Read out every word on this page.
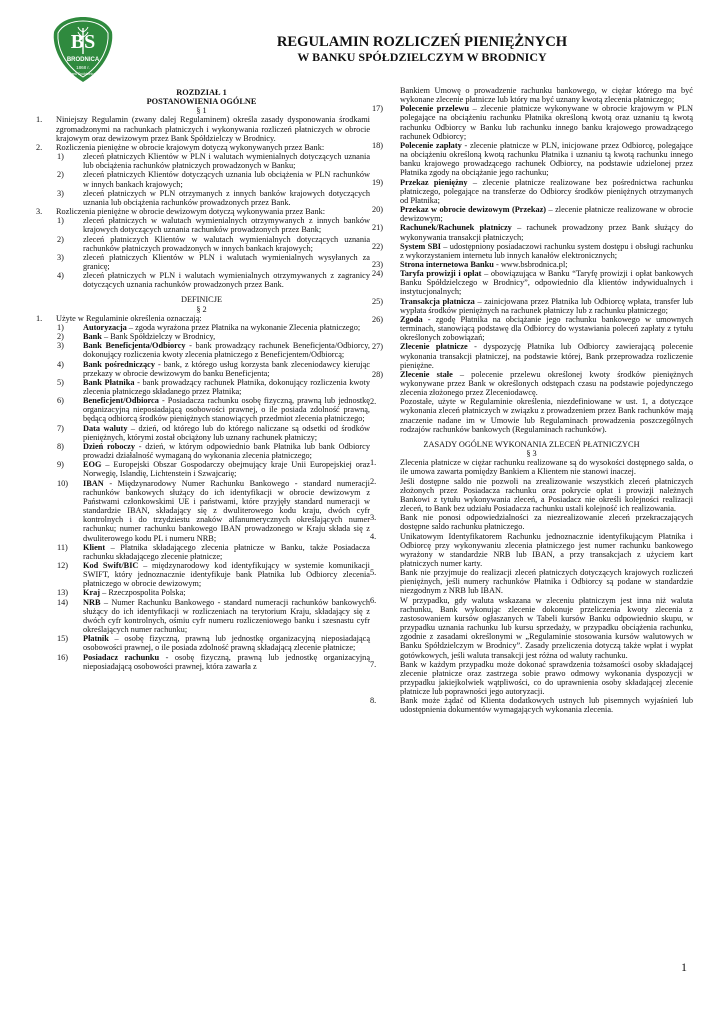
BS
BRODNICA
1868 r.
Bank Spółdzielczy
REGULAMIN ROZLICZEŃ PIENIĘŻNYCH
W BANKU SPÓŁDZIELCZYM W BRODNICY
ROZDZIAŁ 1
POSTANOWIENIA OGÓLNE
§ 1
1.	Niniejszy Regulamin (zwany dalej Regulaminem) określa zasady dysponowania środkami zgromadzonymi na rachunkach płatniczych i wykonywania rozliczeń płatniczych w obrocie krajowym oraz dewizowym przez Bank Spółdzielczy w Brodnicy.
2.	Rozliczenia pieniężne w obrocie krajowym dotyczą wykonywanych przez Bank:
1)	zleceń płatniczych Klientów w PLN i walutach wymienialnych dotyczących uznania lub obciążenia rachunków płatniczych prowadzonych w Banku;
2)	zleceń płatniczych Klientów dotyczących uznania lub obciążenia w PLN rachunków w innych bankach krajowych;
3)	zleceń płatniczych w PLN otrzymanych z innych banków krajowych dotyczących uznania lub obciążenia rachunków prowadzonych przez Bank.
3.	Rozliczenia pieniężne w obrocie dewizowym dotyczą wykonywania przez Bank:
1)	zleceń płatniczych w walutach wymienialnych otrzymywanych z innych banków krajowych dotyczących uznania rachunków prowadzonych przez Bank;
2)	zleceń płatniczych Klientów w walutach wymienialnych dotyczących uznania rachunków płatniczych prowadzonych w innych bankach krajowych;
3)	zleceń płatniczych Klientów w PLN i walutach wymienialnych wysyłanych za granicę;
4)	zleceń płatniczych w PLN i walutach wymienialnych otrzymywanych z zagranicy dotyczących uznania rachunków prowadzonych przez Bank.
DEFINICJE
§ 2
1.	Użyte w Regulaminie określenia oznaczają:
1)	Autoryzacja – zgoda wyrażona przez Płatnika na wykonanie Zlecenia płatniczego;
2)	Bank – Bank Spółdzielczy w Brodnicy,
3)	Bank Beneficjenta/Odbiorcy - bank prowadzący rachunek Beneficjenta/Odbiorcy, dokonujący rozliczenia kwoty zlecenia płatniczego z Beneficjentem/Odbiorcą;
4)	Bank pośredniczący - bank, z którego usług korzysta bank zleceniodawcy kierując przekazy w obrocie dewizowym do banku Beneficjenta;
5)	Bank Płatnika - bank prowadzący rachunek Płatnika, dokonujący rozliczenia kwoty zlecenia płatniczego składanego przez Płatnika;
6)	Beneficjent/Odbiorca - Posiadacza rachunku osobę fizyczną, prawną lub jednostkę organizacyjną nieposiadającą osobowości prawnej, o ile posiada zdolność prawną, będącą odbiorcą środków pieniężnych stanowiących przedmiot zlecenia płatniczego;
7)	Data waluty – dzień, od którego lub do którego naliczane są odsetki od środków pieniężnych, którymi został obciążony lub uznany rachunek płatniczy;
8)	Dzień roboczy - dzień, w którym odpowiednio bank Płatnika lub bank Odbiorcy prowadzi działalność wymaganą do wykonania zlecenia płatniczego;
9)	EOG – Europejski Obszar Gospodarczy obejmujący kraje Unii Europejskiej oraz Norwegię, Islandię, Lichtenstein i Szwajcarię;
10)	IBAN - Międzynarodowy Numer Rachunku Bankowego - standard numeracji rachunków bankowych służący do ich identyfikacji w obrocie dewizowym z Państwami członkowskimi UE i państwami, które przyjęły standard numeracji w standardzie IBAN, składający się z dwuliterowego kodu kraju, dwóch cyfr kontrolnych i do trzydziestu znaków alfanumerycznych określających numer rachunku; numer rachunku bankowego IBAN prowadzonego w Kraju składa się z dwuliterowego kodu PL i numeru NRB;
11)	Klient – Płatnika składającego zlecenia płatnicze w Banku, także Posiadacza rachunku składającego zlecenie płatnicze;
12)	Kod Swift/BIC – międzynarodowy kod identyfikujący w systemie komunikacji SWIFT, który jednoznacznie identyfikuje bank Płatnika lub Odbiorcy zlecenia płatniczego w obrocie dewizowym;
13)	Kraj – Rzeczpospolita Polska;
14)	NRB – Numer Rachunku Bankowego - standard numeracji rachunków bankowych służący do ich identyfikacji w rozliczeniach na terytorium Kraju, składający się z dwóch cyfr kontrolnych, ośmiu cyfr numeru rozliczeniowego banku i szesnastu cyfr określających numer rachunku;
15)	Płatnik – osobę fizyczną, prawną lub jednostkę organizacyjną nieposiadającą osobowości prawnej, o ile posiada zdolność prawną składającą zlecenie płatnicze;
16)	Posiadacz rachunku - osobę fizyczną, prawną lub jednostkę organizacyjną nieposiadającą osobowości prawnej, która zawarła z
Bankiem Umowę o prowadzenie rachunku bankowego, w ciężar którego ma być wykonane zlecenie płatnicze lub który ma być uznany kwotą zlecenia płatniczego;
17)	Polecenie przelewu – zlecenie płatnicze wykonywane w obrocie krajowym w PLN polegające na obciążeniu rachunku Płatnika określoną kwotą oraz uznaniu tą kwotą rachunku Odbiorcy w Banku lub rachunku innego banku krajowego prowadzącego rachunek Odbiorcy;
18)	Polecenie zapłaty - zlecenie płatnicze w PLN, inicjowane przez Odbiorcę, polegające na obciążeniu określoną kwotą rachunku Płatnika i uznaniu tą kwotą rachunku innego banku krajowego prowadzącego rachunek Odbiorcy, na podstawie udzielonej przez Płatnika zgody na obciążanie jego rachunku;
19)	Przekaz pieniężny – zlecenie płatnicze realizowane bez pośrednictwa rachunku płatniczego, polegające na transferze do Odbiorcy środków pieniężnych otrzymanych od Płatnika;
20)	Przekaz w obrocie dewizowym (Przekaz) – zlecenie płatnicze realizowane w obrocie dewizowym;
21)	Rachunek/Rachunek płatniczy – rachunek prowadzony przez Bank służący do wykonywania transakcji płatniczych;
22)	System SBI – udostępniony posiadaczowi rachunku system dostępu i obsługi rachunku z wykorzystaniem internetu lub innych kanałów elektronicznych;
23)	Strona internetowa Banku - www.bsbrodnica.pl;
24)	Taryfa prowizji i opłat – obowiązująca w Banku “Taryfę prowizji i opłat bankowych Banku Spółdzielczego w Brodnicy”, odpowiednio dla klientów indywidualnych i instytucjonalnych;
25)	Transakcja płatnicza – zainicjowana przez Płatnika lub Odbiorcę wpłata, transfer lub wypłata środków pieniężnych na rachunek płatniczy lub z rachunku płatniczego;
26)	Zgoda - zgodę Płatnika na obciążanie jego rachunku bankowego w umownych terminach, stanowiącą podstawę dla Odbiorcy do wystawiania poleceń zapłaty z tytułu określonych zobowiązań;
27)	Zlecenie płatnicze - dyspozycję Płatnika lub Odbiorcy zawierającą polecenie wykonania transakcji płatniczej, na podstawie której, Bank przeprowadza rozliczenie pieniężne.
28)	Zlecenie stałe – polecenie przelewu określonej kwoty środków pieniężnych wykonywane przez Bank w określonych odstępach czasu na podstawie pojedynczego zlecenia złożonego przez Zleceniodawcę.
2.	Pozostałe, użyte w Regulaminie określenia, niezdefiniowane w ust. 1, a dotyczące wykonania zleceń płatniczych w związku z prowadzeniem przez Bank rachunków mają znaczenie nadane im w Umowie lub Regulaminach prowadzenia poszczególnych rodzajów rachunków bankowych (Regulaminach rachunków).
ZASADY OGÓLNE WYKONANIA ZLECEŃ PŁATNICZYCH
§ 3
1.	Zlecenia płatnicze w ciężar rachunku realizowane są do wysokości dostępnego salda, o ile umowa zawarta pomiędzy Bankiem a Klientem nie stanowi inaczej.
2.	Jeśli dostępne saldo nie pozwoli na zrealizowanie wszystkich zleceń płatniczych złożonych przez Posiadacza rachunku oraz pokrycie opłat i prowizji należnych Bankowi z tytułu wykonywania zleceń, a Posiadacz nie określi kolejności realizacji zleceń, to Bank bez udziału Posiadacza rachunku ustali kolejność ich realizowania.
3.	Bank nie ponosi odpowiedzialności za niezrealizowanie zleceń przekraczających dostępne saldo rachunku płatniczego.
4.	Unikatowym Identyfikatorem Rachunku jednoznacznie identyfikującym Płatnika i Odbiorcę przy wykonywaniu zlecenia płatniczego jest numer rachunku bankowego wyrażony w standardzie NRB lub IBAN, a przy transakcjach z użyciem kart płatniczych numer karty.
5.	Bank nie przyjmuje do realizacji zleceń płatniczych dotyczących krajowych rozliczeń pieniężnych, jeśli numery rachunków Płatnika i Odbiorcy są podane w standardzie niezgodnym z NRB lub IBAN.
6.	W przypadku, gdy waluta wskazana w zleceniu płatniczym jest inna niż waluta rachunku, Bank wykonując zlecenie dokonuje przeliczenia kwoty zlecenia z zastosowaniem kursów ogłaszanych w Tabeli kursów Banku odpowiednio skupu, w przypadku uznania rachunku lub kursu sprzedaży, w przypadku obciążenia rachunku, zgodnie z zasadami określonymi w „Regulaminie stosowania kursów walutowych w Banku Spółdzielczym w Brodnicy”. Zasady przeliczenia dotyczą także wpłat i wypłat gotówkowych, jeśli waluta transakcji jest różna od waluty rachunku.
7.	Bank w każdym przypadku może dokonać sprawdzenia tożsamości osoby składającej zlecenie płatnicze oraz zastrzega sobie prawo odmowy wykonania dyspozycji w przypadku jakiejkolwiek wątpliwości, co do uprawnienia osoby składającej zlecenie płatnicze lub poprawności jego autoryzacji.
8.	Bank może żądać od Klienta dodatkowych ustnych lub pisemnych wyjaśnień lub udostępnienia dokumentów wymagających wykonania zlecenia.
1
